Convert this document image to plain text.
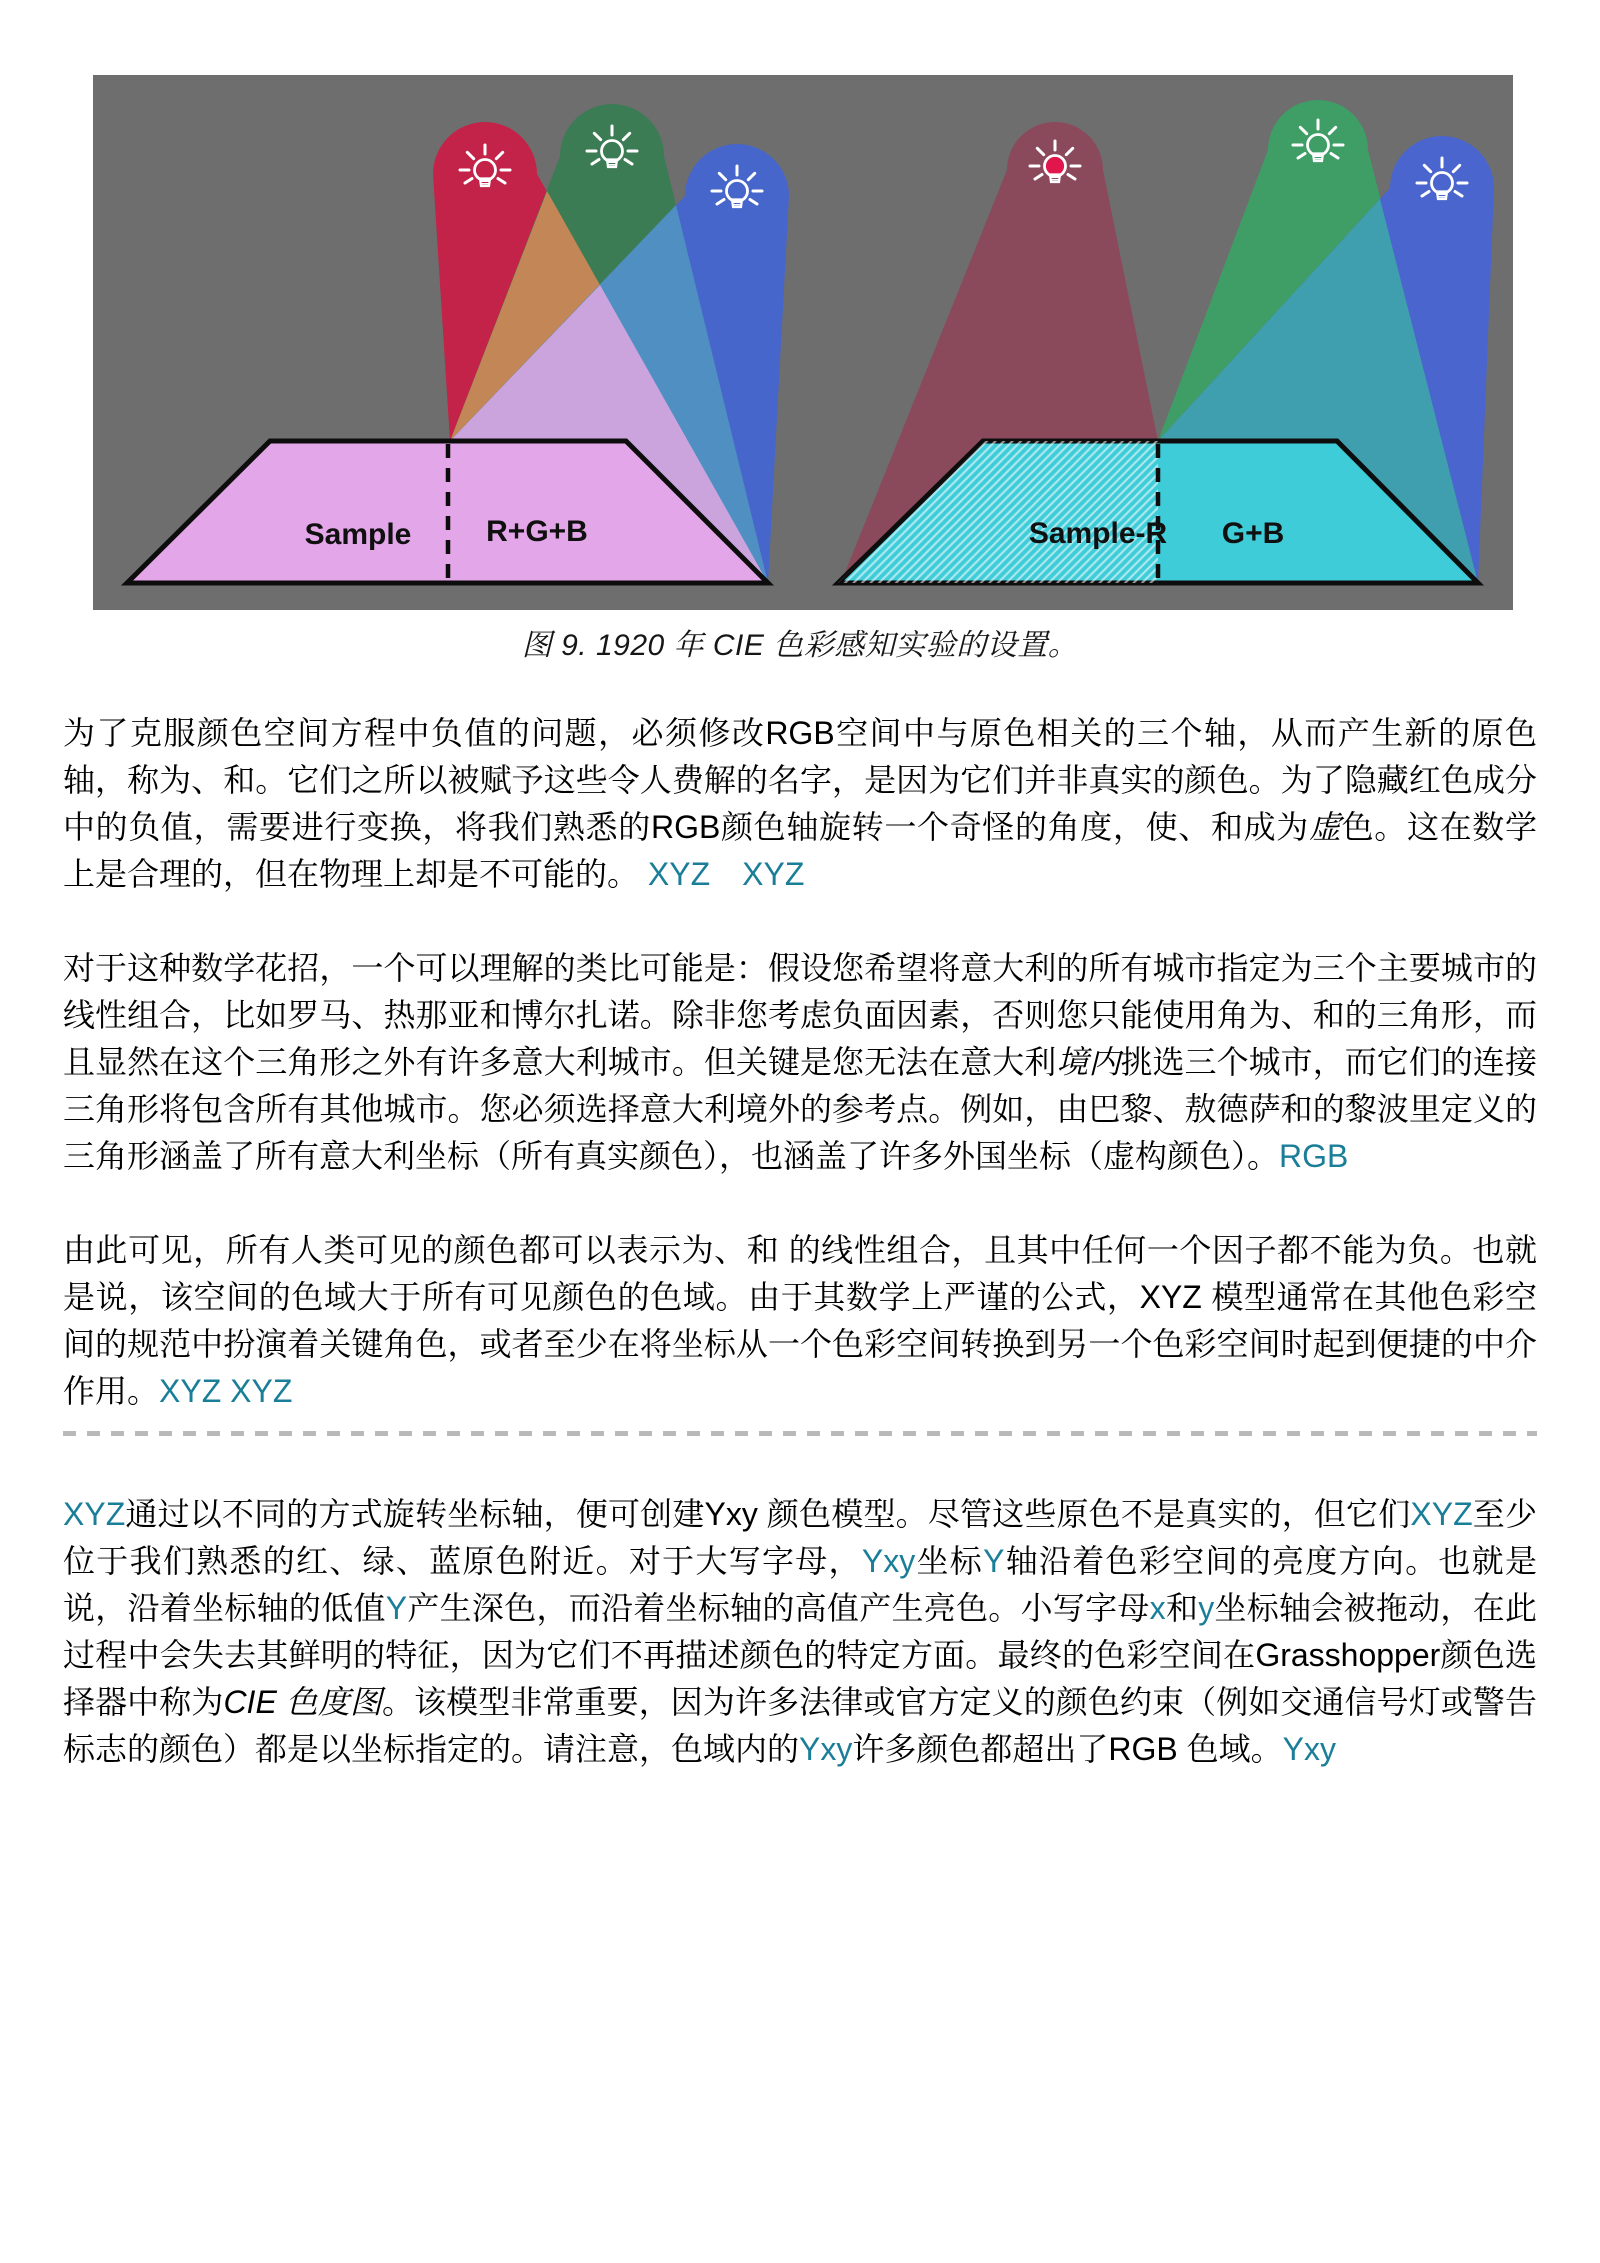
Sample R+G+B	Sample-R G+B
图 9. 1920 年 CIE 色彩感知实验的设置。

为了克服颜色空间方程中负值的问题，必须修改RGB空间中与原色相关的三个轴，从而产生新的原色轴，称为、和。它们之所以被赋予这些令人费解的名字，是因为它们并非真实的颜色。为了隐藏红色成分中的负值，需要进行变换，将我们熟悉的RGB颜色轴旋转一个奇怪的角度，使、和成为虚色。这在数学上是合理的，但在物理上却是不可能的。 XYZ　 XYZ

对于这种数学花招，一个可以理解的类比可能是：假设您希望将意大利的所有城市指定为三个主要城市的线性组合，比如罗马、热那亚和博尔扎诺。除非您考虑负面因素，否则您只能使用角为、和的三角形，而且显然在这个三角形之外有许多意大利城市。但关键是您无法在意大利境内挑选三个城市，而它们的连接三角形将包含所有其他城市。您必须选择意大利境外的参考点。例如，由巴黎、敖德萨和的黎波里定义的三角形涵盖了所有意大利坐标（所有真实颜色），也涵盖了许多外国坐标（虚构颜色）。RGB

由此可见，所有人类可见的颜色都可以表示为、和 的线性组合，且其中任何一个因子都不能为负。也就是说，该空间的色域大于所有可见颜色的色域。由于其数学上严谨的公式，XYZ 模型通常在其他色彩空间的规范中扮演着关键角色，或者至少在将坐标从一个色彩空间转换到另一个色彩空间时起到便捷的中介作用。XYZ XYZ

XYZ通过以不同的方式旋转坐标轴，便可创建Yxy 颜色模型。尽管这些原色不是真实的，但它们XYZ至少位于我们熟悉的红、绿、蓝原色附近。对于大写字母，Yxy坐标Y轴沿着色彩空间的亮度方向。也就是说，沿着坐标轴的低值Y产生深色，而沿着坐标轴的高值产生亮色。小写字母x和y坐标轴会被拖动，在此过程中会失去其鲜明的特征，因为它们不再描述颜色的特定方面。最终的色彩空间在Grasshopper颜色选择器中称为CIE 色度图。该模型非常重要，因为许多法律或官方定义的颜色约束（例如交通信号灯或警告标志的颜色）都是以坐标指定的。请注意，色域内的Yxy许多颜色都超出了RGB 色域。Yxy
